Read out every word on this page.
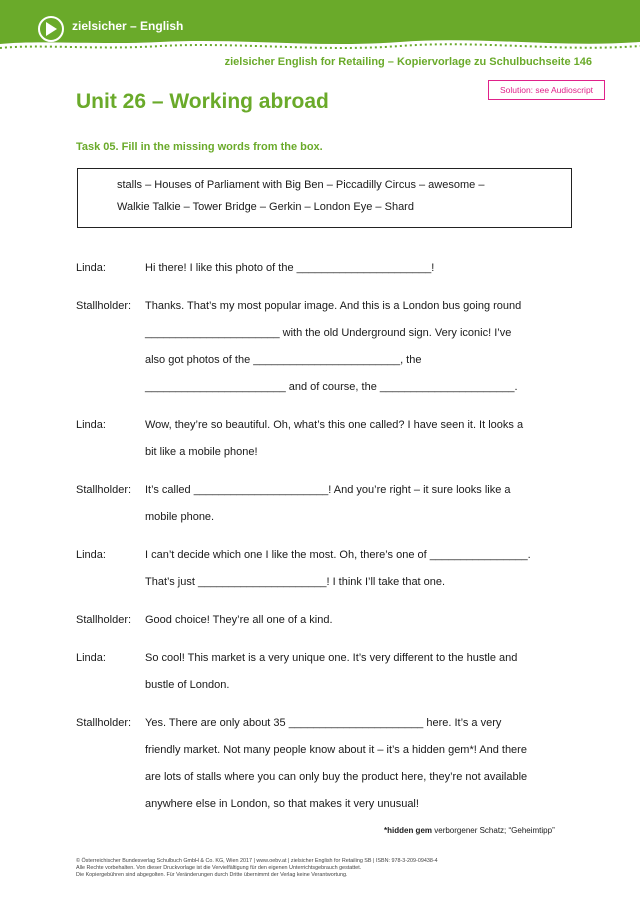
zielsicher – English
zielsicher English for Retailing – Kopiervorlage zu Schulbuchseite 146
Solution: see Audioscript
Unit 26 – Working abroad
Task 05. Fill in the missing words from the box.
stalls – Houses of Parliament with Big Ben – Piccadilly Circus – awesome –
Walkie Talkie – Tower Bridge – Gerkin – London Eye – Shard
Linda:	Hi there! I like this photo of the ______________________!
Stallholder: Thanks. That’s my most popular image. And this is a London bus going round
______________________ with the old Underground sign. Very iconic! I’ve
also got photos of the ________________________, the
_______________________ and of course, the ______________________.
Linda:	Wow, they’re so beautiful. Oh, what’s this one called? I have seen it. It looks a
bit like a mobile phone!
Stallholder: It’s called ______________________! And you’re right – it sure looks like a
mobile phone.
Linda:	I can’t decide which one I like the most. Oh, there’s one of ________________.
That’s just _____________________! I think I’ll take that one.
Stallholder: Good choice! They’re all one of a kind.
Linda:	So cool! This market is a very unique one. It’s very different to the hustle and
bustle of London.
Stallholder: Yes. There are only about 35 ______________________ here. It’s a very
friendly market. Not many people know about it – it’s a hidden gem*! And there
are lots of stalls where you can only buy the product here, they’re not available
anywhere else in London, so that makes it very unusual!
*hidden gem verborgener Schatz; “Geheimtipp”
© Österreichischer Bundesverlag Schulbuch GmbH & Co. KG, Wien 2017 | www.oebv.at | zielsicher English for Retailing SB | ISBN: 978-3-209-09438-4
Alle Rechte vorbehalten. Von dieser Druckvorlage ist die Vervielfältigung für den eigenen Unterrichtsgebrauch gestattet.
Die Kopiergebühren sind abgegolten. Für Veränderungen durch Dritte übernimmt der Verlag keine Verantwortung.
